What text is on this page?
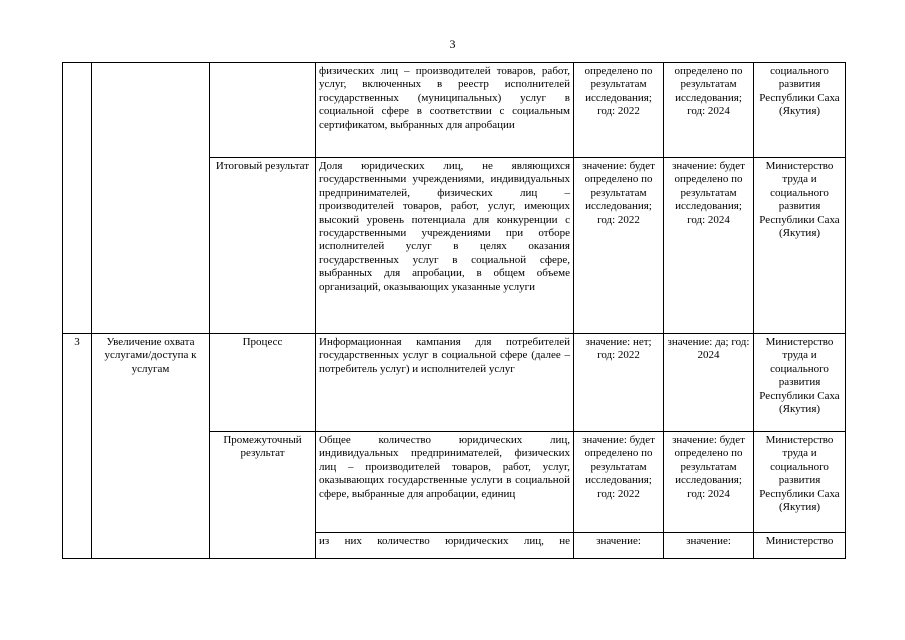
3
			физических лиц – производителей товаров, работ, услуг, включенных в реестр исполнителей государственных (муниципальных) услуг в социальной сфере в соответствии с социальным сертификатом, выбранных для апробации	определено по результатам исследования; год: 2022	определено по результатам исследования; год: 2024	социального развития Республики Саха (Якутия)
		Итоговый результат	Доля юридических лиц, не являющихся государственными учреждениями, индивидуальных предпринимателей, физических лиц – производителей товаров, работ, услуг, имеющих высокий уровень потенциала для конкуренции с государственными учреждениями при отборе исполнителей услуг в целях оказания государственных услуг в социальной сфере, выбранных для апробации, в общем объеме организаций, оказывающих указанные услуги	значение: будет определено по результатам исследования; год: 2022	значение: будет определено по результатам исследования; год: 2024	Министерство труда и социального развития Республики Саха (Якутия)
3	Увеличение охвата услугами/доступа к услугам	Процесс	Информационная кампания для потребителей государственных услуг в социальной сфере (далее – потребитель услуг) и исполнителей услуг	значение: нет; год: 2022	значение: да; год: 2024	Министерство труда и социального развития Республики Саха (Якутия)
		Промежуточный результат	Общее количество юридических лиц, индивидуальных предпринимателей, физических лиц – производителей товаров, работ, услуг, оказывающих государственные услуги в социальной сфере, выбранные для апробации, единиц	значение: будет определено по результатам исследования; год: 2022	значение: будет определено по результатам исследования; год: 2024	Министерство труда и социального развития Республики Саха (Якутия)
			из них количество юридических лиц, не	значение:	значение:	Министерство
